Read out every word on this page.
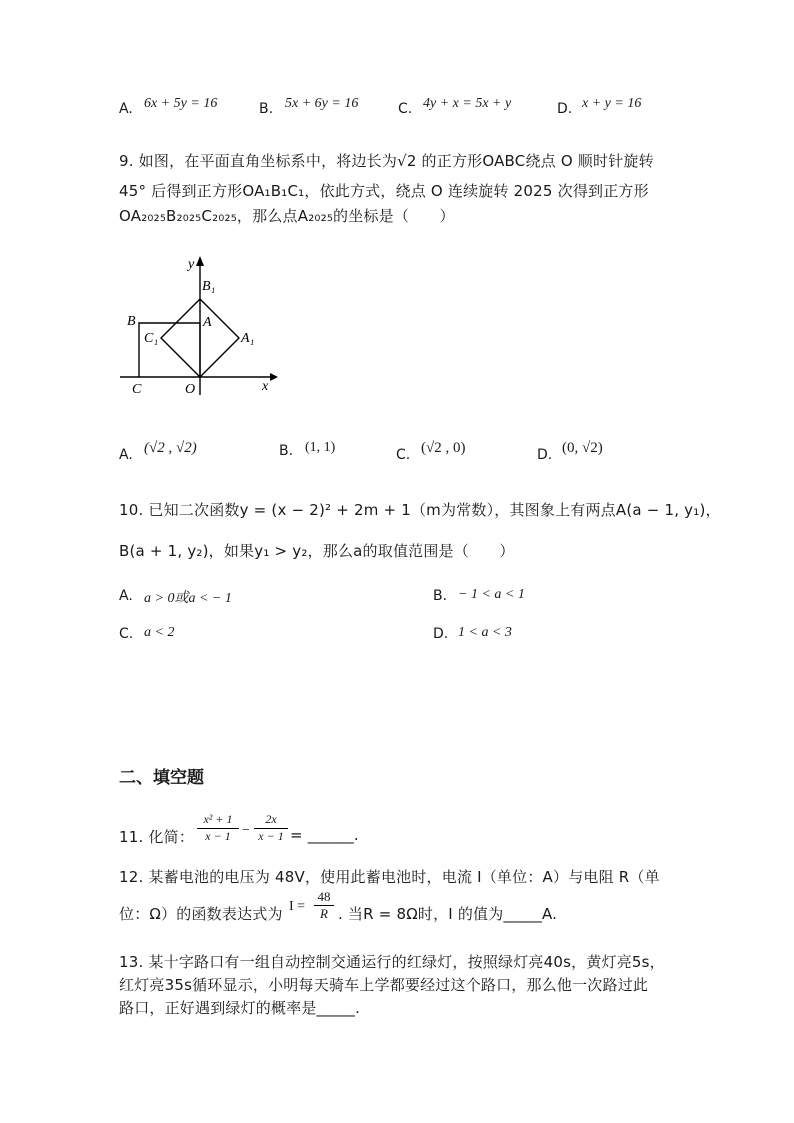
A. 6x + 5y = 16	B. 5x + 6y = 16	C. 4y + x = 5x + y	D. x + y = 16
9. 如图，在平面直角坐标系中，将边长为√2 的正方形OABC绕点 O 顺时针旋转
45° 后得到正方形OA₁B₁C₁，依此方式，绕点 O 连续旋转 2025 次得到正方形
OA₂₀₂₅B₂₀₂₅C₂₀₂₅，那么点A₂₀₂₅的坐标是（　　）
y
x
B₁
B	A
C₁	A₁
C	O
A. (√2 , √2)	B. (1, 1)	C. (√2 , 0)	D. (0, √2)
10. 已知二次函数y = (x − 2)² + 2m + 1（m为常数），其图象上有两点A(a − 1, y₁)，
B(a + 1, y₂)，如果y₁ > y₂，那么a的取值范围是（　　）
A. a > 0或a < − 1	B. − 1 < a < 1
C. a < 2	D. 1 < a < 3
二、填空题
11. 化简： $\frac{\text{x² + 1}}{x - 1} - \frac{2x}{x - 1}$ = ______.
12. 某蓄电池的电压为 48V，使用此蓄电池时，电流 I（单位：A）与电阻 R（单
位：Ω）的函数表达式为 $I = \frac{48}{R}$ . 当R = 8Ω时，I 的值为_____A.
13. 某十字路口有一组自动控制交通运行的红绿灯，按照绿灯亮40s，黄灯亮5s，
红灯亮35s循环显示，小明每天骑车上学都要经过这个路口，那么他一次路过此
路口，正好遇到绿灯的概率是_____.
